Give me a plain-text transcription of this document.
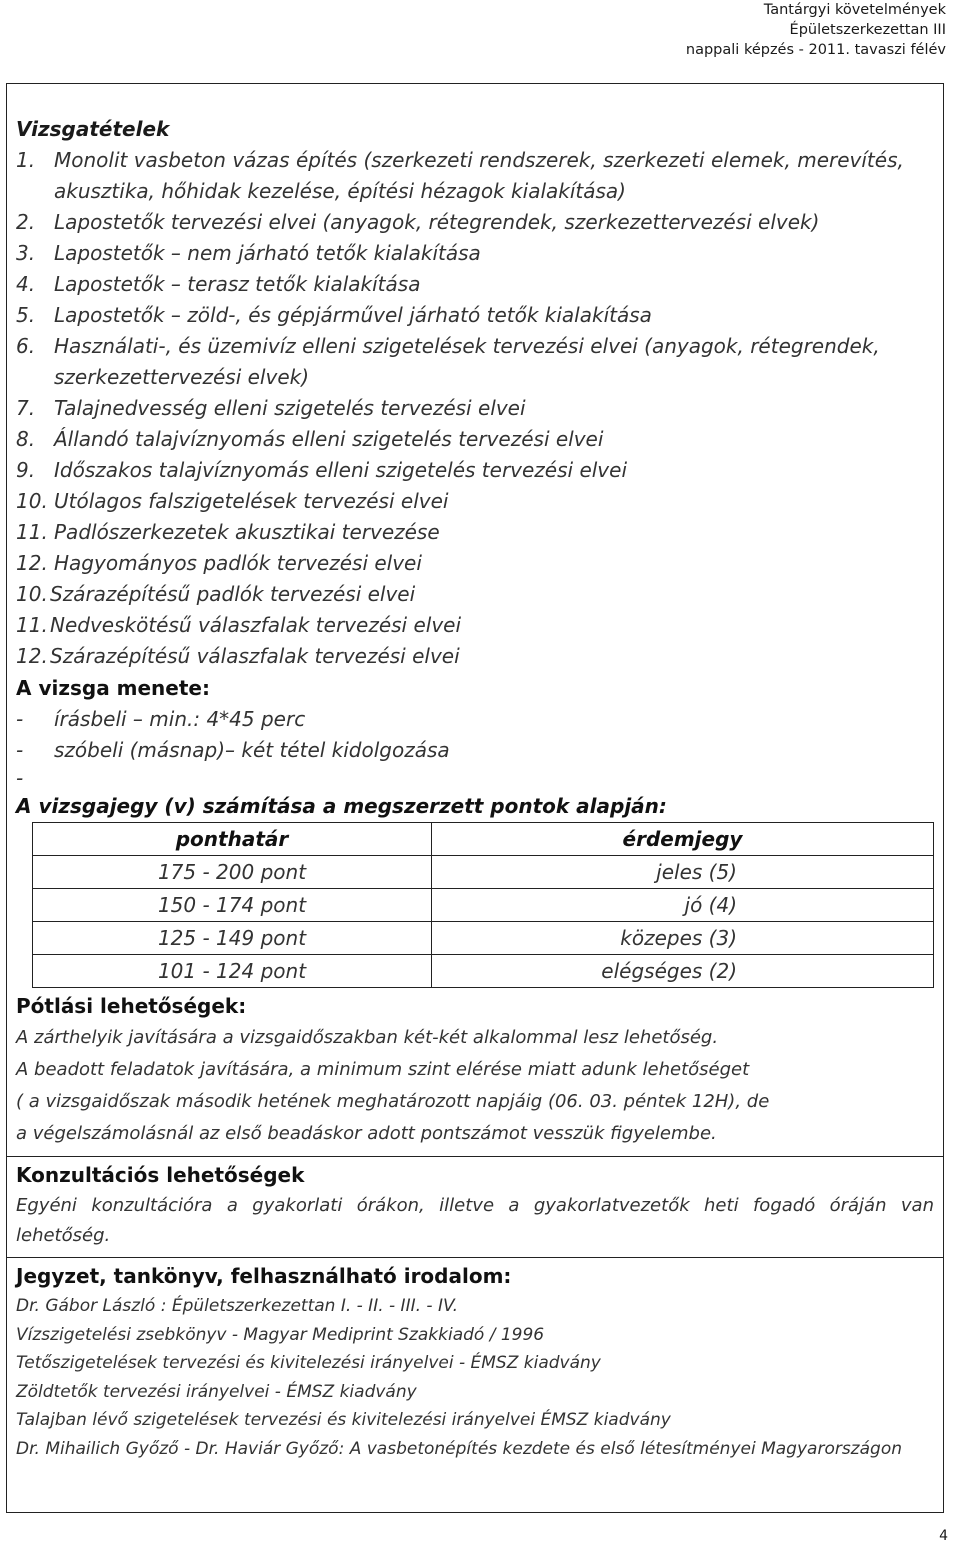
Tantárgyi követelmények
Épületszerkezettan III
nappali képzés - 2011. tavaszi félév
Vizsgatételek
1. Monolit vasbeton vázas építés (szerkezeti rendszerek, szerkezeti elemek, merevítés, akusztika, hőhidak kezelése, építési hézagok kialakítása)
2. Lapostetők tervezési elvei (anyagok, rétegrendek, szerkezettervezési elvek)
3. Lapostetők – nem járható tetők kialakítása
4. Lapostetők – terasz tetők kialakítása
5. Lapostetők – zöld-, és gépjárművel járható tetők kialakítása
6. Használati-, és üzemivíz elleni szigetelések tervezési elvei (anyagok, rétegrendek, szerkezettervezési elvek)
7. Talajnedvesség elleni szigetelés tervezési elvei
8. Állandó talajvíznyomás elleni szigetelés tervezési elvei
9. Időszakos talajvíznyomás elleni szigetelés tervezési elvei
10. Utólagos falszigetelések tervezési elvei
11. Padlószerkezetek akusztikai tervezése
12. Hagyományos padlók tervezési elvei
10. Szárazépítésű padlók tervezési elvei
11. Nedveskötésű válaszfalak tervezési elvei
12. Szárazépítésű válaszfalak tervezési elvei
A vizsga menete:
-	írásbeli – min.: 4*45 perc
-	szóbeli (másnap)– két tétel kidolgozása
-
A vizsgajegy (v) számítása a megszerzett pontok alapján:
ponthatár	érdemjegy
175 - 200 pont	jeles (5)
150 - 174 pont	jó (4)
125 - 149 pont	közepes (3)
101 - 124 pont	elégséges (2)
Pótlási lehetőségek:
A zárthelyik javítására a vizsgaidőszakban két-két alkalommal lesz lehetőség.
A beadott feladatok javítására, a minimum szint elérése miatt adunk lehetőséget
( a vizsgaidőszak második hetének meghatározott napjáig (06. 03. péntek 12H), de
a végelszámolásnál az első beadáskor adott pontszámot vesszük figyelembe.
Konzultációs lehetőségek
Egyéni konzultációra a gyakorlati órákon, illetve a gyakorlatvezetők heti fogadó óráján van lehetőség.
Jegyzet, tankönyv, felhasználható irodalom:
Dr. Gábor László : Épületszerkezettan I. - II. - III. - IV.
Vízszigetelési zsebkönyv - Magyar Mediprint Szakkiadó / 1996
Tetőszigetelések tervezési és kivitelezési irányelvei - ÉMSZ kiadvány
Zöldtetők tervezési irányelvei - ÉMSZ kiadvány
Talajban lévő szigetelések tervezési és kivitelezési irányelvei ÉMSZ kiadvány
Dr. Mihailich Győző - Dr. Haviár Győző: A vasbetonépítés kezdete és első létesítményei Magyarországon
4
